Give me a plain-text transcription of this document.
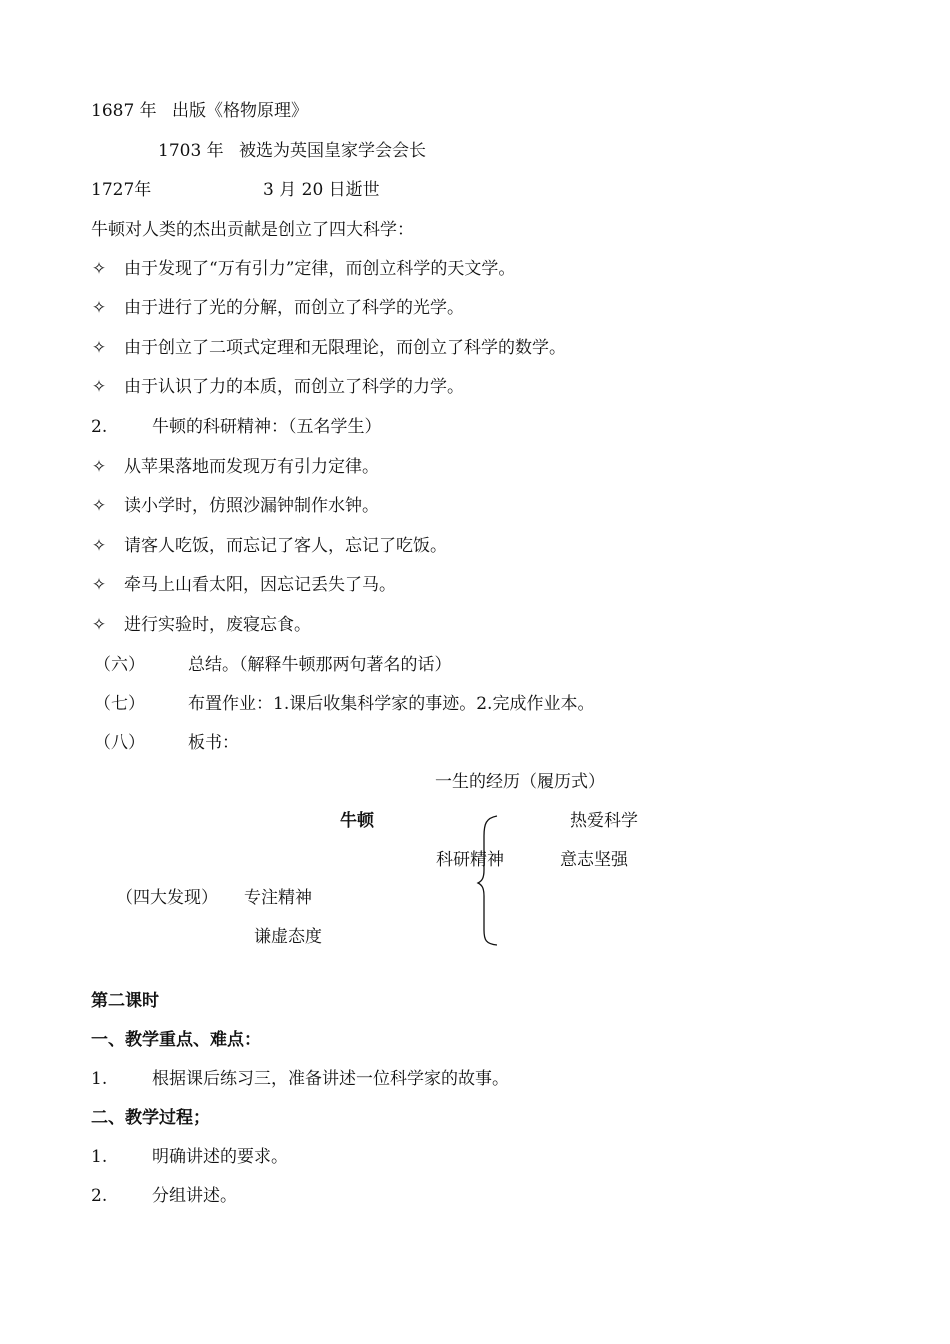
1687 年 出版《格物原理》
1703 年 被选为英国皇家学会会长
1727年	3 月 20 日逝世
牛顿对人类的杰出贡献是创立了四大科学：
✧ 由于发现了“万有引力”定律，而创立科学的天文学。
✧ 由于进行了光的分解，而创立了科学的光学。
✧ 由于创立了二项式定理和无限理论，而创立了科学的数学。
✧ 由于认识了力的本质，而创立了科学的力学。
2.	牛顿的科研精神：（五名学生）
✧ 从苹果落地而发现万有引力定律。
✧ 读小学时，仿照沙漏钟制作水钟。
✧ 请客人吃饭，而忘记了客人，忘记了吃饭。
✧ 牵马上山看太阳，因忘记丢失了马。
✧ 进行实验时，废寝忘食。
（六）	总结。（解释牛顿那两句著名的话）
（七）	布置作业：1.课后收集科学家的事迹。2.完成作业本。
（八）	板书：
一生的经历（履历式）
牛顿	热爱科学
科研精神	意志坚强
（四大发现） 专注精神
谦虚态度
第二课时
一、教学重点、难点：
1.	根据课后练习三，准备讲述一位科学家的故事。
二、教学过程；
1.	明确讲述的要求。
2.	分组讲述。
